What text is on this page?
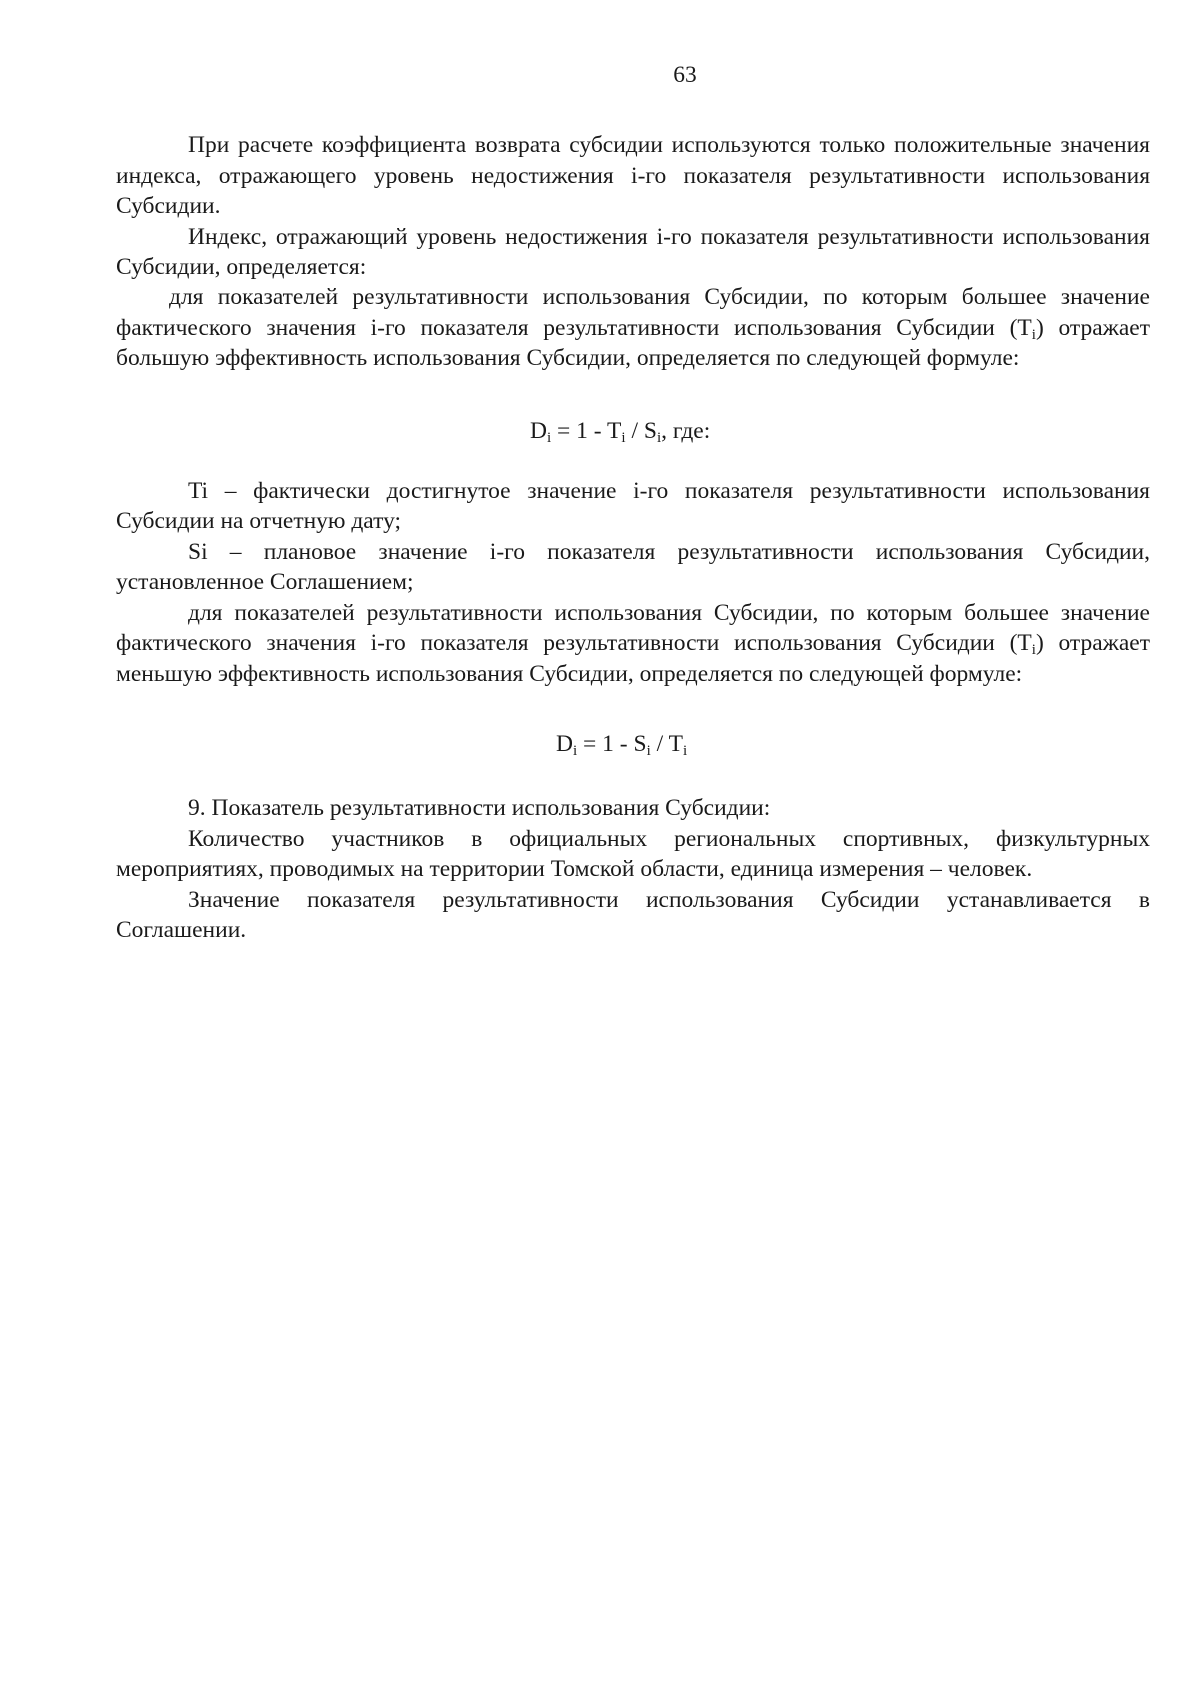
63

При расчете коэффициента возврата субсидии используются только положительные значения индекса, отражающего уровень недостижения i-го показателя результативности использования Субсидии.

Индекс, отражающий уровень недостижения i-го показателя результативности использования Субсидии, определяется:

для показателей результативности использования Субсидии, по которым большее значение фактического значения i-го показателя результативности использования Субсидии $(T_i)$ отражает большую эффективность использования Субсидии, определяется по следующей формуле:

$D_i = 1 - T_i / S_i$, где:

Ti – фактически достигнутое значение i-го показателя результативности использования Субсидии на отчетную дату;

Si – плановое значение i-го показателя результативности использования Субсидии, установленное Соглашением;

для показателей результативности использования Субсидии, по которым большее значение фактического значения i-го показателя результативности использования Субсидии $(T_i)$ отражает меньшую эффективность использования Субсидии, определяется по следующей формуле:

$D_i = 1 - S_i / T_i$

9. Показатель результативности использования Субсидии:

Количество участников в официальных региональных спортивных, физкультурных мероприятиях, проводимых на территории Томской области, единица измерения – человек.

Значение показателя результативности использования Субсидии устанавливается в Соглашении.
